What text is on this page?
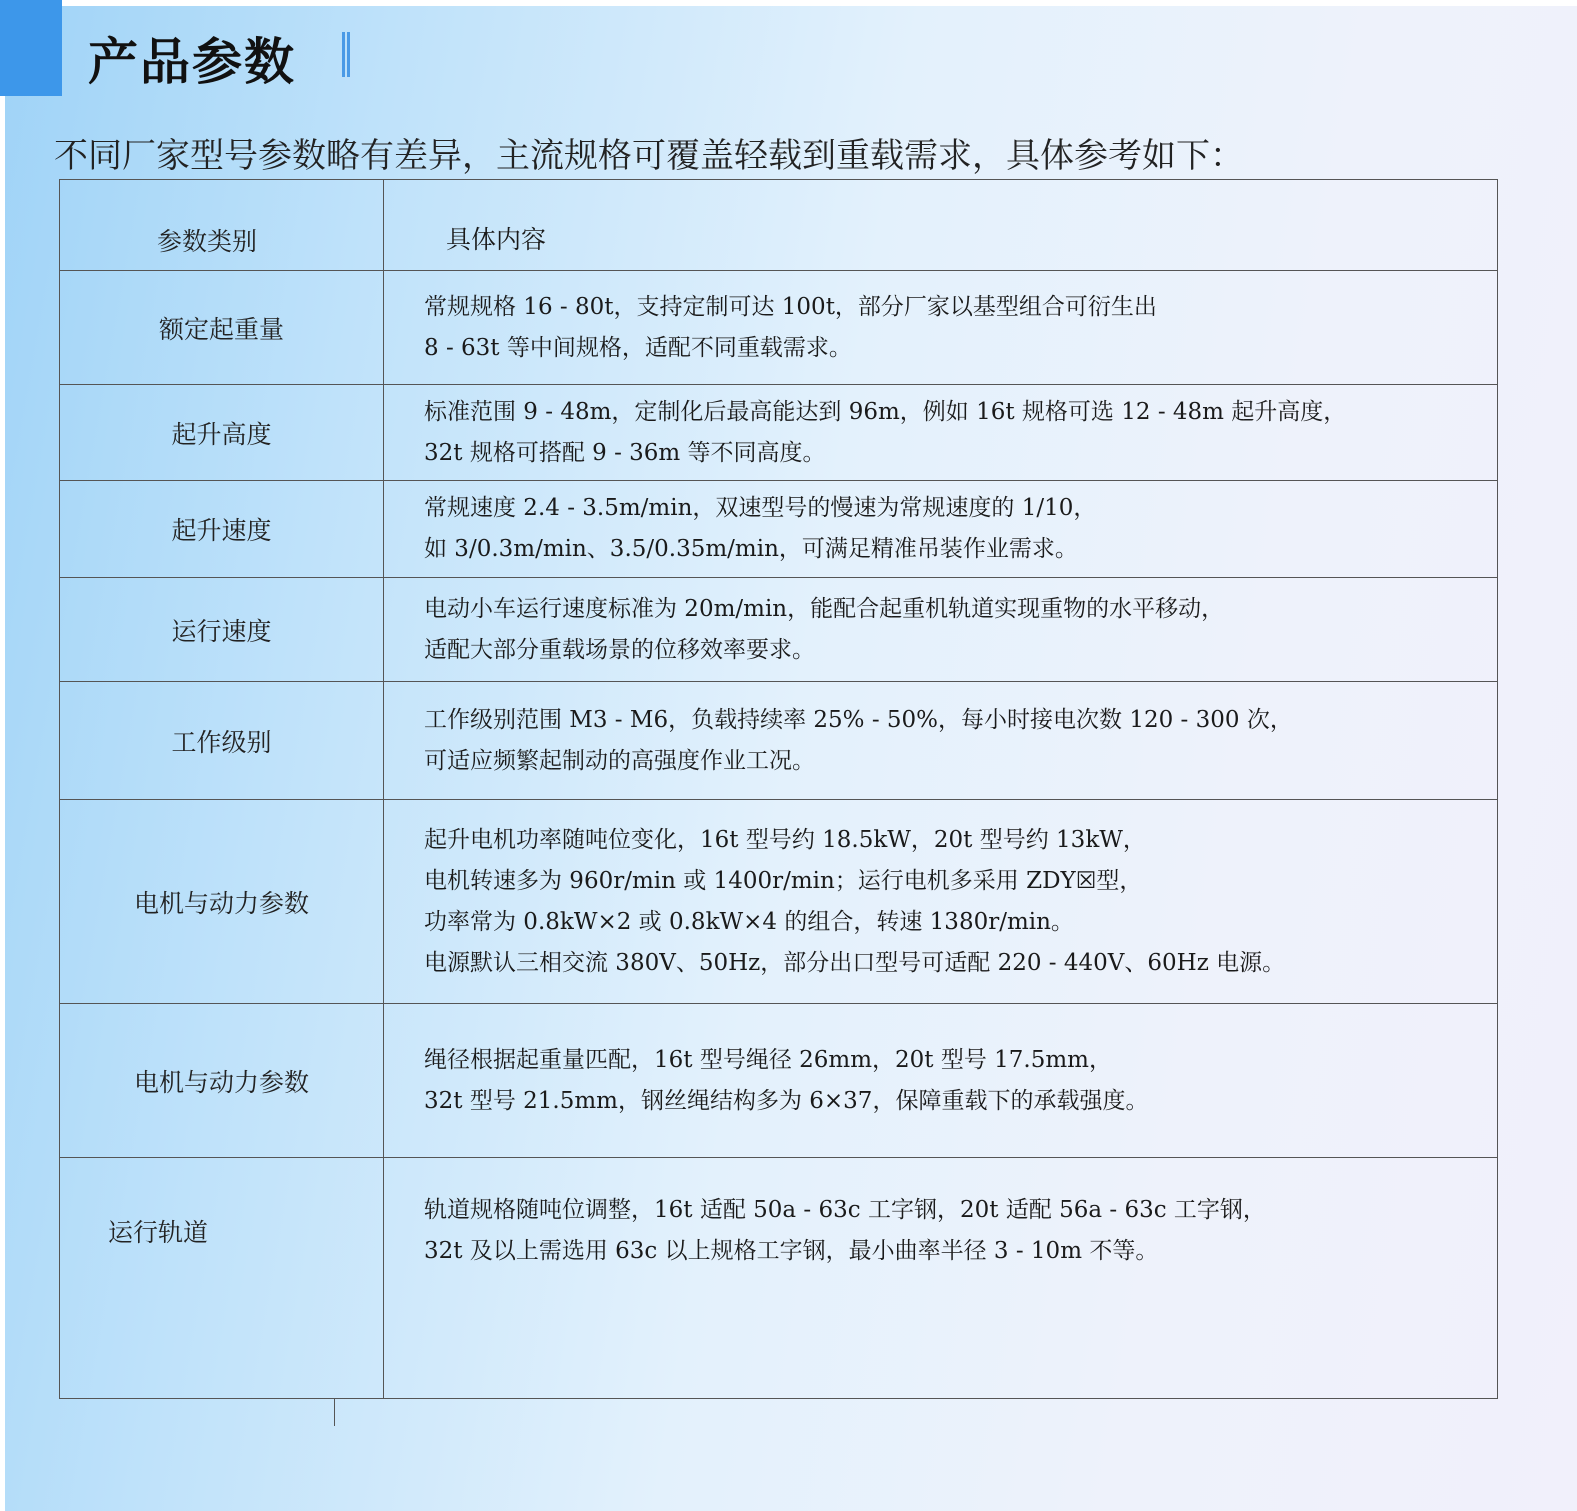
产品参数
不同厂家型号参数略有差异，主流规格可覆盖轻载到重载需求，具体参考如下：
参数类别	具体内容
额定起重量	常规规格 16 - 80t，支持定制可达 100t，部分厂家以基型组合可衍生出
8 - 63t 等中间规格，适配不同重载需求。

起升高度	标准范围 9 - 48m，定制化后最高能达到 96m，例如 16t 规格可选 12 - 48m 起升高度，
32t 规格可搭配 9 - 36m 等不同高度。

起升速度	常规速度 2.4 - 3.5m/min，双速型号的慢速为常规速度的 1/10，
如 3/0.3m/min、3.5/0.35m/min，可满足精准吊装作业需求。

运行速度	电动小车运行速度标准为 20m/min，能配合起重机轨道实现重物的水平移动，
适配大部分重载场景的位移效率要求。

工作级别	工作级别范围 M3 - M6，负载持续率 25% - 50%，每小时接电次数 120 - 300 次，
可适应频繁起制动的高强度作业工况。

电机与动力参数	起升电机功率随吨位变化，16t 型号约 18.5kW，20t 型号约 13kW，
电机转速多为 960r/min 或 1400r/min；运行电机多采用 ZDY☒型，
功率常为 0.8kW×2 或 0.8kW×4 的组合，转速 1380r/min。
电源默认三相交流 380V、50Hz，部分出口型号可适配 220 - 440V、60Hz 电源。

电机与动力参数	绳径根据起重量匹配，16t 型号绳径 26mm，20t 型号 17.5mm，
32t 型号 21.5mm，钢丝绳结构多为 6×37，保障重载下的承载强度。

运行轨道	轨道规格随吨位调整，16t 适配 50a - 63c 工字钢，20t 适配 56a - 63c 工字钢，
32t 及以上需选用 63c 以上规格工字钢，最小曲率半径 3 - 10m 不等。
